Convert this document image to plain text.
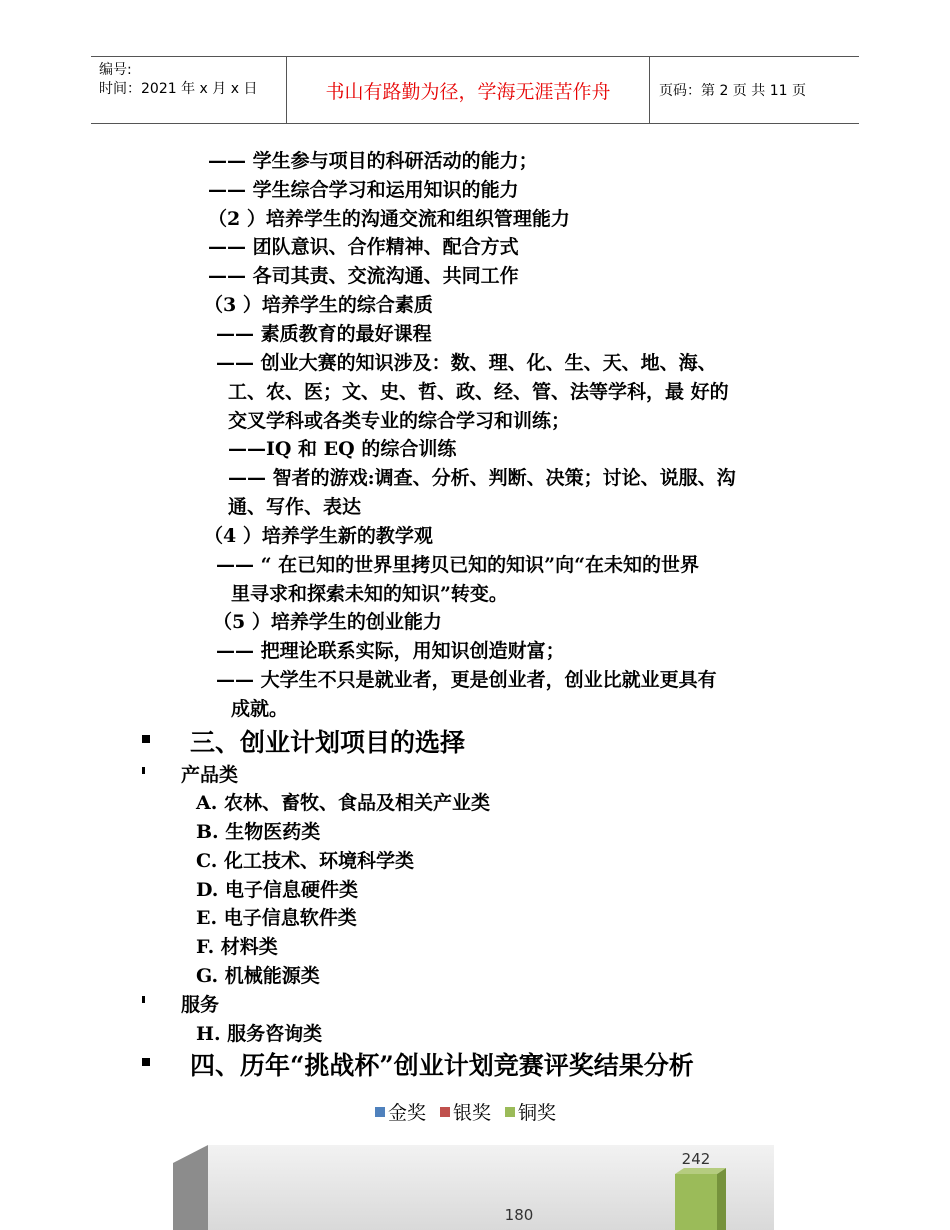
编号:
时间：2021 年 x 月 x 日	书山有路勤为径，学海无涯苦作舟	页码：第 2 页 共 11 页
—— 学生参与项目的科研活动的能力；
—— 学生综合学习和运用知识的能力
（2 ）培养学生的沟通交流和组织管理能力
—— 团队意识、合作精神、配合方式
—— 各司其责、交流沟通、共同工作
（3 ）培养学生的综合素质
—— 素质教育的最好课程
—— 创业大赛的知识涉及：数、理、化、生、天、地、海、
工、农、医；文、史、哲、政、经、管、法等学科，最 好的
交叉学科或各类专业的综合学习和训练；
——IQ 和 EQ 的综合训练
—— 智者的游戏:调查、分析、判断、决策；讨论、说服、沟
通、写作、表达
（4 ）培养学生新的教学观
—— “ 在已知的世界里拷贝已知的知识”向“在未知的世界
里寻求和探索未知的知识”转变。
（5 ）培养学生的创业能力
—— 把理论联系实际，用知识创造财富；
—— 大学生不只是就业者，更是创业者，创业比就业更具有
成就。
三、创业计划项目的选择
产品类
A. 农林、畜牧、食品及相关产业类
B. 生物医药类
C. 化工技术、环境科学类
D. 电子信息硬件类
E. 电子信息软件类
F. 材料类
G. 机械能源类
服务
H. 服务咨询类
四、历年“挑战杯”创业计划竞赛评奖结果分析
金奖 银奖 铜奖
180
242
